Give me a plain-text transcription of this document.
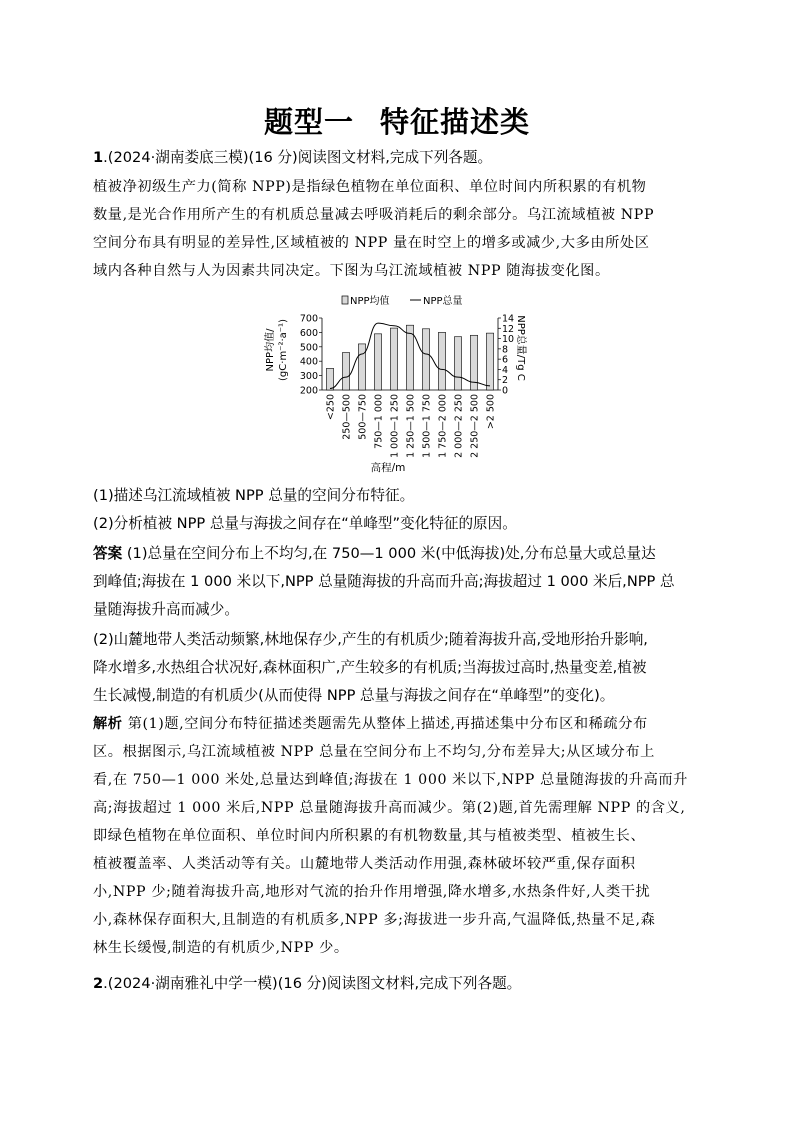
题型一 特征描述类
1.(2024·湖南娄底三模)(16 分)阅读图文材料,完成下列各题。
植被净初级生产力(简称 NPP)是指绿色植物在单位面积、单位时间内所积累的有机物
数量,是光合作用所产生的有机质总量减去呼吸消耗后的剩余部分。乌江流域植被 NPP
空间分布具有明显的差异性,区域植被的 NPP 量在时空上的增多或减少,大多由所处区
域内各种自然与人为因素共同决定。下图为乌江流域植被 NPP 随海拔变化图。
NPP均值	NPP总量
200
300
400
500
600
700
0
2
4
6
8
10
12
14
<250 250—500 500—750 750—1 000 1 000—1 250 1 250—1 500 1 500—1 750 1 750—2 000 2 000—2 250 2 250—2 500 >2 500
NPP均值/ (gC·m⁻²·a⁻¹)	NPP总量/Tg C
高程/m
(1)描述乌江流域植被 NPP 总量的空间分布特征。
(2)分析植被 NPP 总量与海拔之间存在“单峰型”变化特征的原因。
答案 (1)总量在空间分布上不均匀,在 750—1 000 米(中低海拔)处,分布总量大或总量达
到峰值;海拔在 1 000 米以下,NPP 总量随海拔的升高而升高;海拔超过 1 000 米后,NPP 总
量随海拔升高而减少。
(2)山麓地带人类活动频繁,林地保存少,产生的有机质少;随着海拔升高,受地形抬升影响,
降水增多,水热组合状况好,森林面积广,产生较多的有机质;当海拔过高时,热量变差,植被
生长减慢,制造的有机质少(从而使得 NPP 总量与海拔之间存在“单峰型”的变化)。
解析 第(1)题,空间分布特征描述类题需先从整体上描述,再描述集中分布区和稀疏分布
区。根据图示,乌江流域植被 NPP 总量在空间分布上不均匀,分布差异大;从区域分布上
看,在 750—1 000 米处,总量达到峰值;海拔在 1 000 米以下,NPP 总量随海拔的升高而升
高;海拔超过 1 000 米后,NPP 总量随海拔升高而减少。第(2)题,首先需理解 NPP 的含义,
即绿色植物在单位面积、单位时间内所积累的有机物数量,其与植被类型、植被生长、
植被覆盖率、人类活动等有关。山麓地带人类活动作用强,森林破坏较严重,保存面积
小,NPP 少;随着海拔升高,地形对气流的抬升作用增强,降水增多,水热条件好,人类干扰
小,森林保存面积大,且制造的有机质多,NPP 多;海拔进一步升高,气温降低,热量不足,森
林生长缓慢,制造的有机质少,NPP 少。
2.(2024·湖南雅礼中学一模)(16 分)阅读图文材料,完成下列各题。
